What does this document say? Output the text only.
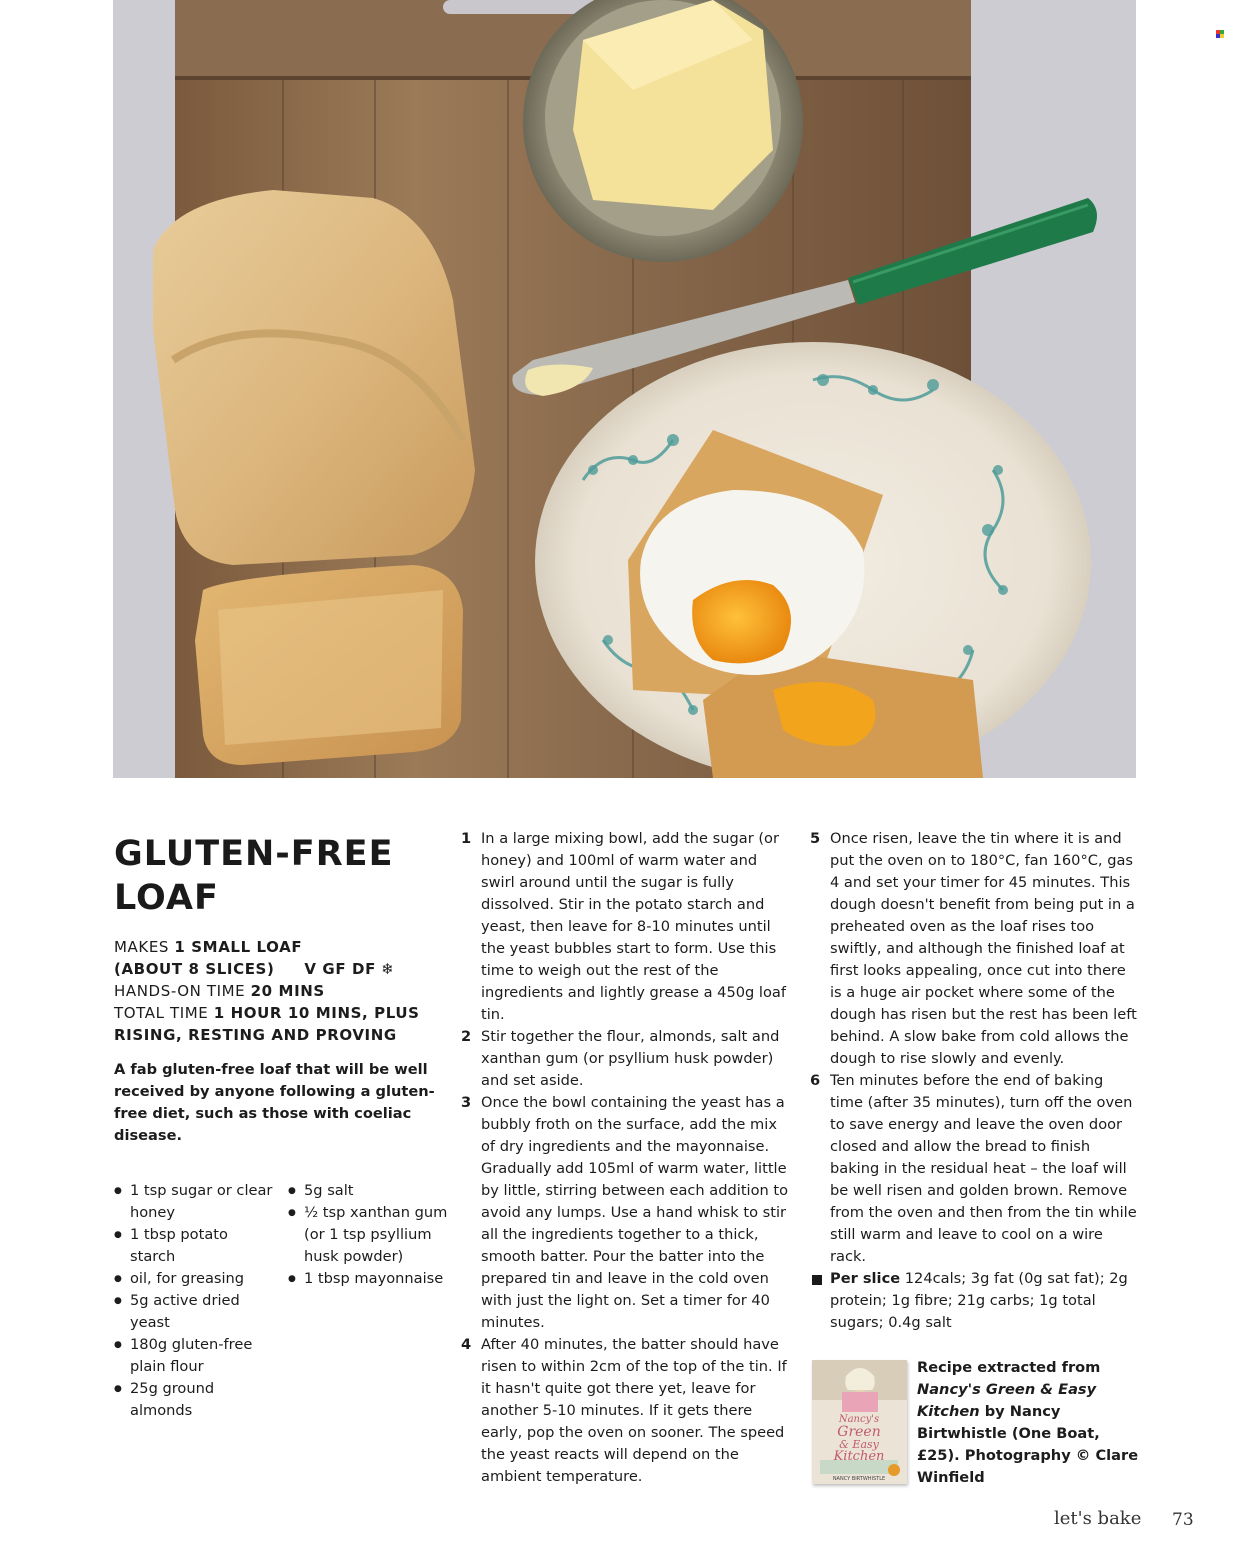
GLUTEN-FREE
LOAF
MAKES 1 SMALL LOAF
(ABOUT 8 SLICES) V GF DF ❄
HANDS-ON TIME 20 MINS
TOTAL TIME 1 HOUR 10 MINS, PLUS
RISING, RESTING AND PROVING

A fab gluten-free loaf that will be well received by anyone following a gluten-free diet, such as those with coeliac disease.

● 1 tsp sugar or clear honey
● 1 tbsp potato starch
● oil, for greasing
● 5g active dried yeast
● 180g gluten-free plain flour
● 25g ground almonds
● 5g salt
● ½ tsp xanthan gum (or 1 tsp psyllium husk powder)
● 1 tbsp mayonnaise
1 In a large mixing bowl, add the sugar (or honey) and 100ml of warm water and swirl around until the sugar is fully dissolved. Stir in the potato starch and yeast, then leave for 8-10 minutes until the yeast bubbles start to form. Use this time to weigh out the rest of the ingredients and lightly grease a 450g loaf tin.
2 Stir together the flour, almonds, salt and xanthan gum (or psyllium husk powder) and set aside.
3 Once the bowl containing the yeast has a bubbly froth on the surface, add the mix of dry ingredients and the mayonnaise. Gradually add 105ml of warm water, little by little, stirring between each addition to avoid any lumps. Use a hand whisk to stir all the ingredients together to a thick, smooth batter. Pour the batter into the prepared tin and leave in the cold oven with just the light on. Set a timer for 40 minutes.
4 After 40 minutes, the batter should have risen to within 2cm of the top of the tin. If it hasn't quite got there yet, leave for another 5-10 minutes. If it gets there early, pop the oven on sooner. The speed the yeast reacts will depend on the ambient temperature.
5 Once risen, leave the tin where it is and put the oven on to 180°C, fan 160°C, gas 4 and set your timer for 45 minutes. This dough doesn't benefit from being put in a preheated oven as the loaf rises too swiftly, and although the finished loaf at first looks appealing, once cut into there is a huge air pocket where some of the dough has risen but the rest has been left behind. A slow bake from cold allows the dough to rise slowly and evenly.
6 Ten minutes before the end of baking time (after 35 minutes), turn off the oven to save energy and leave the oven door closed and allow the bread to finish baking in the residual heat – the loaf will be well risen and golden brown. Remove from the oven and then from the tin while still warm and leave to cool on a wire rack.
Per slice 124cals; 3g fat (0g sat fat); 2g protein; 1g fibre; 21g carbs; 1g total sugars; 0.4g salt
Nancy's
Green
& Easy
Kitchen
NANCY BIRTWHISTLE
Recipe extracted from
Nancy's Green & Easy Kitchen by Nancy Birtwhistle (One Boat, £25). Photography © Clare Winfield
let's bake 73
